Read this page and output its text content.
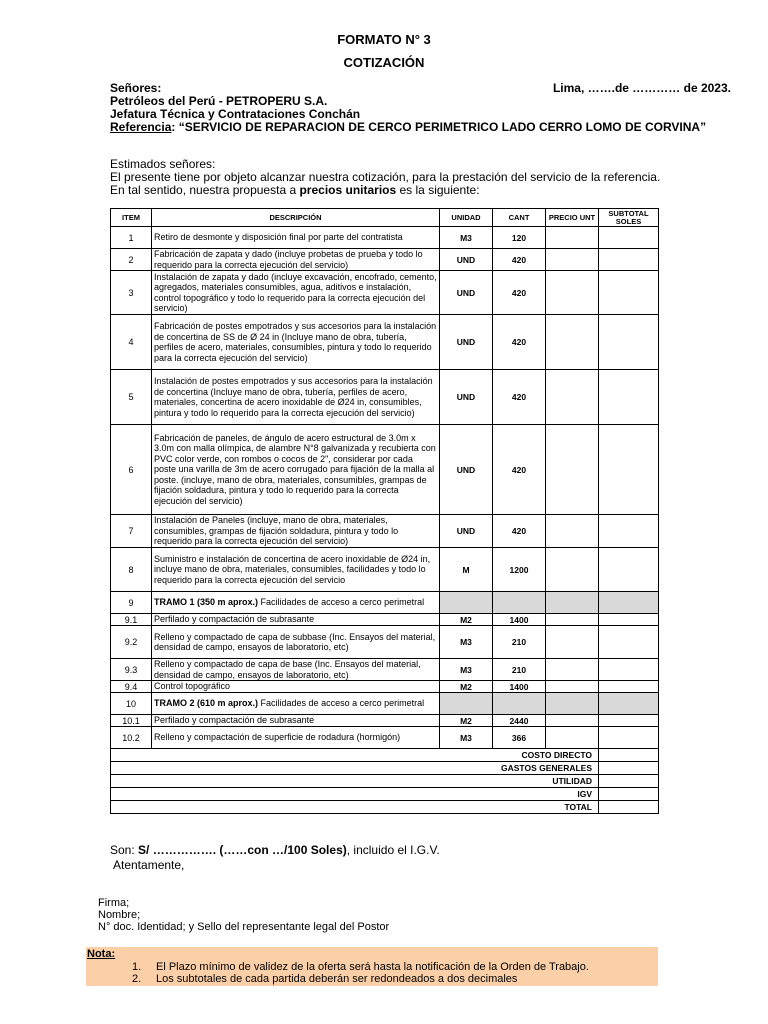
FORMATO N° 3
COTIZACIÓN
Señores:	Lima, …….de ………… de 2023.
Petróleos del Perú - PETROPERU S.A.
Jefatura Técnica y Contrataciones Conchán
Referencia: “SERVICIO DE REPARACION DE CERCO PERIMETRICO LADO CERRO LOMO DE CORVINA”
Estimados señores:
El presente tiene por objeto alcanzar nuestra cotización, para la prestación del servicio de la referencia.
En tal sentido, nuestra propuesta a precios unitarios es la siguiente:
ITEM	DESCRIPCIÓN	UNIDAD	CANT	PRECIO UNT	SUBTOTAL SOLES
1	Retiro de desmonte y disposición final por parte del contratista	M3	120		
2	Fabricación de zapata y dado (incluye probetas de prueba y todo lo requerido para la correcta ejecución del servicio)	UND	420		
3	Instalación de zapata y dado (incluye excavación, encofrado, cemento, agregados, materiales consumibles, agua, aditivos e instalación, control topográfico y todo lo requerido para la correcta ejecución del servicio)	UND	420		
4	Fabricación de postes empotrados y sus accesorios para la instalación de concertina de SS de Ø 24 in (Incluye mano de obra, tubería, perfiles de acero, materiales, consumibles, pintura y todo lo requerido para la correcta ejecución del servicio)	UND	420		
5	Instalación de postes empotrados y sus accesorios para la instalación de concertina (Incluye mano de obra, tubería, perfiles de acero, materiales, concertina de acero inoxidable de Ø24 in, consumibles, pintura y todo lo requerido para la correcta ejecución del servicio)	UND	420		
6	Fabricación de paneles, de ángulo de acero estructural de 3.0m x 3.0m con malla olímpica, de alambre N°8 galvanizada y recubierta con PVC color verde, con rombos o cocos de 2", considerar por cada poste una varilla de 3m de acero corrugado para fijación de la malla al poste. (incluye, mano de obra, materiales, consumibles, grampas de fijación soldadura, pintura y todo lo requerido para la correcta ejecución del servicio)	UND	420		
7	Instalación de Paneles (incluye, mano de obra, materiales, consumibles, grampas de fijación soldadura, pintura y todo lo requerido para la correcta ejecución del servicio)	UND	420		
8	Suministro e instalación de concertina de acero inoxidable de Ø24 in, incluye mano de obra, materiales, consumibles, facilidades y todo lo requerido para la correcta ejecución del servicio	M	1200		
9	TRAMO 1 (350 m aprox.) Facilidades de acceso a cerco perimetral				
9.1	Perfilado y compactación de subrasante	M2	1400		
9.2	Relleno y compactado de capa de subbase (Inc. Ensayos del material, densidad de campo, ensayos de laboratorio, etc)	M3	210		
9.3	Relleno y compactado de capa de base (Inc. Ensayos del material, densidad de campo, ensayos de laboratorio, etc)	M3	210		
9.4	Control topográfico	M2	1400		
10	TRAMO 2 (610 m aprox.) Facilidades de acceso a cerco perimetral				
10.1	Perfilado y compactación de subrasante	M2	2440		
10.2	Relleno y compactación de superficie de rodadura (hormigón)	M3	366		
COSTO DIRECTO					
GASTOS GENERALES					
UTILIDAD					
IGV					
TOTAL					
Son: S/ ……………. (……con …/100 Soles), incluido el I.G.V.
Atentamente,
Firma;
Nombre;
N° doc. Identidad; y Sello del representante legal del Postor
Nota:
1. El Plazo mínimo de validez de la oferta será hasta la notificación de la Orden de Trabajo.
2. Los subtotales de cada partida deberán ser redondeados a dos decimales
